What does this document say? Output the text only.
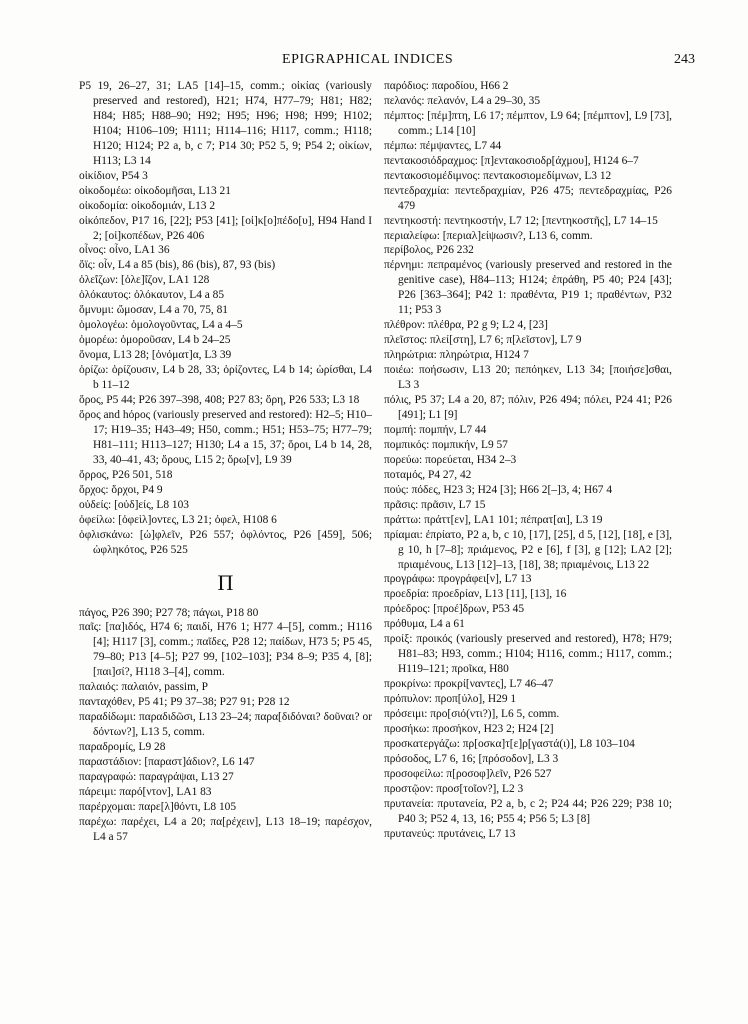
EPIGRAPHICAL INDICES	243

P5 19, 26–27, 31; LA5 [14]–15, comm.; οἰκίας (variously preserved and restored), H21; H74, H77–79; H81; H82; H84; H85; H88–90; H92; H95; H96; H98; H99; H102; H104; H106–109; H111; H114–116; H117, comm.; H118; H120; H124; P2 a, b, c 7; P14 30; P52 5, 9; P54 2; οἰκίων, H113; L3 14

οἰκίδιον, P54 3

οἰκοδομέω: οἰκοδομῆσαι, L13 21

οἰκοδομία: οἰκοδομιάν, L13 2

οἰκόπεδον, P17 16, [22]; P53 [41]; [οἰ]κ[ο]πέδο[υ], H94 Hand I 2; [οἰ]κοπέδων, P26 406

οἶνος: οἶνο, LA1 36

ὄϊς: οἶν, L4 a 85 (bis), 86 (bis), 87, 93 (bis)

ὀλεΐζων: [ὀλε]ΐζον, LA1 128

ὁλόκαυτος: ὁλόκαυτον, L4 a 85

ὄμνυμι: ὤμοσαν, L4 a 70, 75, 81

ὁμολογέω: ὁμολογοῦντας, L4 a 4–5

ὁμορέω: ὁμοροῦσαν, L4 b 24–25

ὄνομα, L13 28; [ὀνόματ]α, L3 39

ὁρίζω: ὁρίζουσιν, L4 b 28, 33; ὁρίζοντες, L4 b 14; ὡρίσθαι, L4 b 11–12

ὅρος, P5 44; P26 397–398, 408; P27 83; ὅρη, P26 533; L3 18

ὅρος and hόρος (variously preserved and restored): H2–5; H10–17; H19–35; H43–49; H50, comm.; H51; H53–75; H77–79; H81–111; H113–127; H130; L4 a 15, 37; ὅροι, L4 b 14, 28, 33, 40–41, 43; ὅρους, L15 2; ὅρω[ν], L9 39

ὄρρος, P26 501, 518

ὄρχος: ὄρχοι, P4 9

οὐδείς: [οὐδ]είς, L8 103

ὀφείλω: [ὀφεὶλ]οντες, L3 21; ὀφελ, H108 6

ὀφλισκάνω: [ὠ]φλεῖν, P26 557; ὀφλόντος, P26 [459], 506; ὠφληκότος, P26 525

Π

πάγος, P26 390; P27 78; πάγωι, P18 80

παῖς: [πα]ιδός, H74 6; παιδί, H76 1; H77 4–[5], comm.; H116 [4]; H117 [3], comm.; παῖδες, P28 12; παίδων, H73 5; P5 45, 79–80; P13 [4–5]; P27 99, [102–103]; P34 8–9; P35 4, [8]; [παι]σί?, H118 3–[4], comm.

παλαιός: παλαιόν, passim, P

πανταχόθεν, P5 41; P9 37–38; P27 91; P28 12

παραδίδωμι: παραδιδῶσι, L13 23–24; παρα[διδόναι? δοῦναι? or δόντων?], L13 5, comm.

παραδρομίς, L9 28

παραστάδιον: [παραστ]άδιον?, L6 147

παραγραφώ: παραγράψαι, L13 27

πάρειμι: παρό[ντον], LA1 83

παρέρχομαι: παρε[λ]θόντι, L8 105

παρέχω: παρέχει, L4 a 20; πα[ρέχειν], L13 18–19; παρέσχον, L4 a 57

παρόδιος: παροδίου, H66 2

πελανός: πελανόν, L4 a 29–30, 35

πέμπτος: [πέμ]πτη, L6 17; πέμπτον, L9 64; [πέμπτον], L9 [73], comm.; L14 [10]

πέμπω: πέμψαντες, L7 44

πεντακοσιόδραχμος: [π]εντακοσιοδρ[άχμου], H124 6–7

πεντακοσιομέδιμνος: πεντακοσιομεδίμνων, L3 12

πεντεδραχμία: πεντεδραχμίαν, P26 475; πεντεδραχμίας, P26 479

πεντηκοστή: πεντηκοστήν, L7 12; [πεντηκοστῆς], L7 14–15

περιαλείφω: [περιαλ]είψωσιν?, L13 6, comm.

περίβολος, P26 232

πέρνημι: πεπραμένος (variously preserved and restored in the genitive case), H84–113; H124; ἐπράθη, P5 40; P24 [43]; P26 [363–364]; P42 1: πραθέντα, P19 1; πραθέντων, P32 11; P53 3

πλέθρον: πλέθρα, P2 g 9; L2 4, [23]

πλεῖστος: πλεί[στη], L7 6; π[λεῖστον], L7 9

πληρώτρια: πληρώτρια, H124 7

ποιέω: ποήσωσιν, L13 20; πεπόηκεν, L13 34; [ποιήσε]σθαι, L3 3

πόλις, P5 37; L4 a 20, 87; πόλιν, P26 494; πόλει, P24 41; P26 [491]; L1 [9]

πομπή: πομπήν, L7 44

πομπικός: πομπικήν, L9 57

πορεύω: πορεύεται, H34 2–3

ποταμός, P4 27, 42

πούς: πόδες, H23 3; H24 [3]; H66 2[–]3, 4; H67 4

πρᾶσις: πρᾶσιν, L7 15

πράττω: πράττ[εν], LA1 101; πέπρατ[αι], L3 19

πρίαμαι: ἐπρίατο, P2 a, b, c 10, [17], [25], d 5, [12], [18], e [3], g 10, h [7–8]; πριάμενος, P2 e [6], f [3], g [12]; LA2 [2]; πριαμένους, L13 [12]–13, [18], 38; πριαμένοις, L13 22

προγράφω: προγράφει[ν], L7 13

προεδρία: προεδρίαν, L13 [11], [13], 16

πρόεδρος: [προέ]δρων, P53 45

πρόθυμα, L4 a 61

προίξ: προικός (variously preserved and restored), H78; H79; H81–83; H93, comm.; H104; H116, comm.; H117, comm.; H119–121; προῖκα, H80

προκρίνω: προκρί[ναντες], L7 46–47

πρόπυλον: προπ[ύλο], H29 1

πρόσειμι: προ[σιό(ντι?)], L6 5, comm.

προσήκω: προσήκον, H23 2; H24 [2]

προσκατεργάζω: πρ[οσκα]τ[ε]ρ[γαστά(ι)], L8 103–104

πρόσοδος, L7 6, 16; [πρόσοδον], L3 3

προσοφείλω: π[ροσοφ]λεῖν, P26 527

προστῷον: προσ[τοῖον?], L2 3

πρυτανεία: πρυτανεία, P2 a, b, c 2; P24 44; P26 229; P38 10; P40 3; P52 4, 13, 16; P55 4; P56 5; L3 [8]

πρυτανεύς: πρυτάνεις, L7 13
